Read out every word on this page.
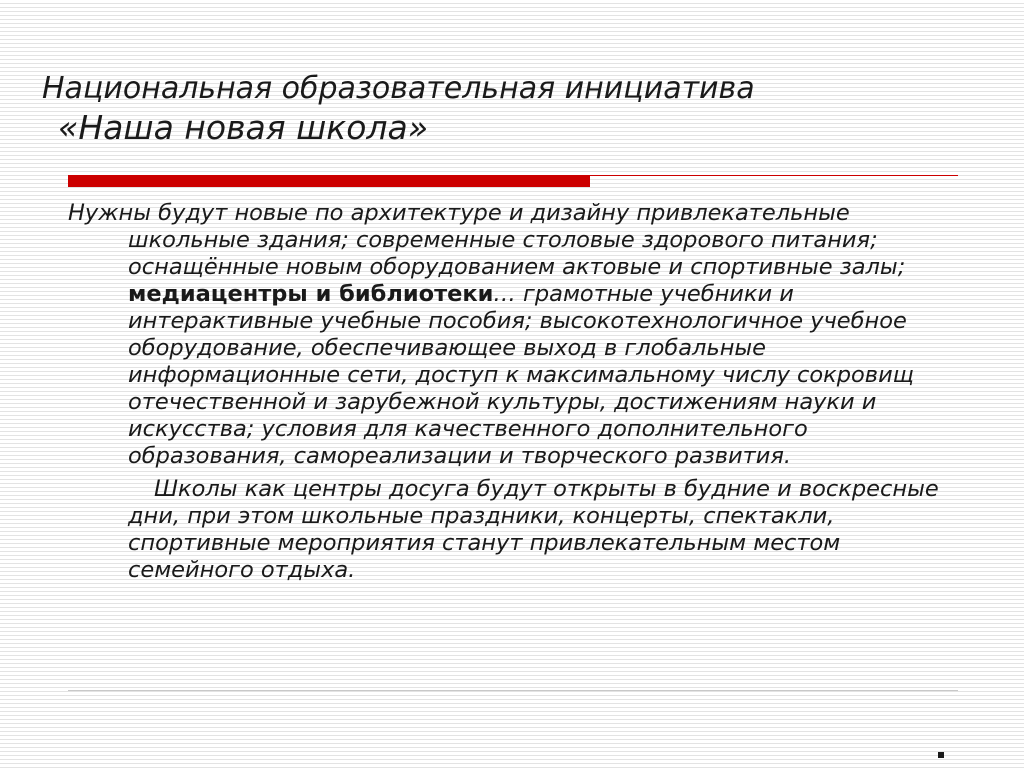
Национальная образовательная инициатива
«Наша новая школа»

Нужны будут новые по архитектуре и дизайну привлекательные школьные здания; современные столовые здорового питания; оснащённые новым оборудованием актовые и спортивные залы; медиацентры и библиотеки… грамотные учебники и интерактивные учебные пособия; высокотехнологичное учебное оборудование, обеспечивающее выход в глобальные информационные сети, доступ к максимальному числу сокровищ отечественной и зарубежной культуры, достижениям науки и искусства; условия для качественного дополнительного образования, самореализации и творческого развития.

Школы как центры досуга будут открыты в будние и воскресные дни, при этом школьные праздники, концерты, спектакли, спортивные мероприятия станут привлекательным местом семейного отдыха.
